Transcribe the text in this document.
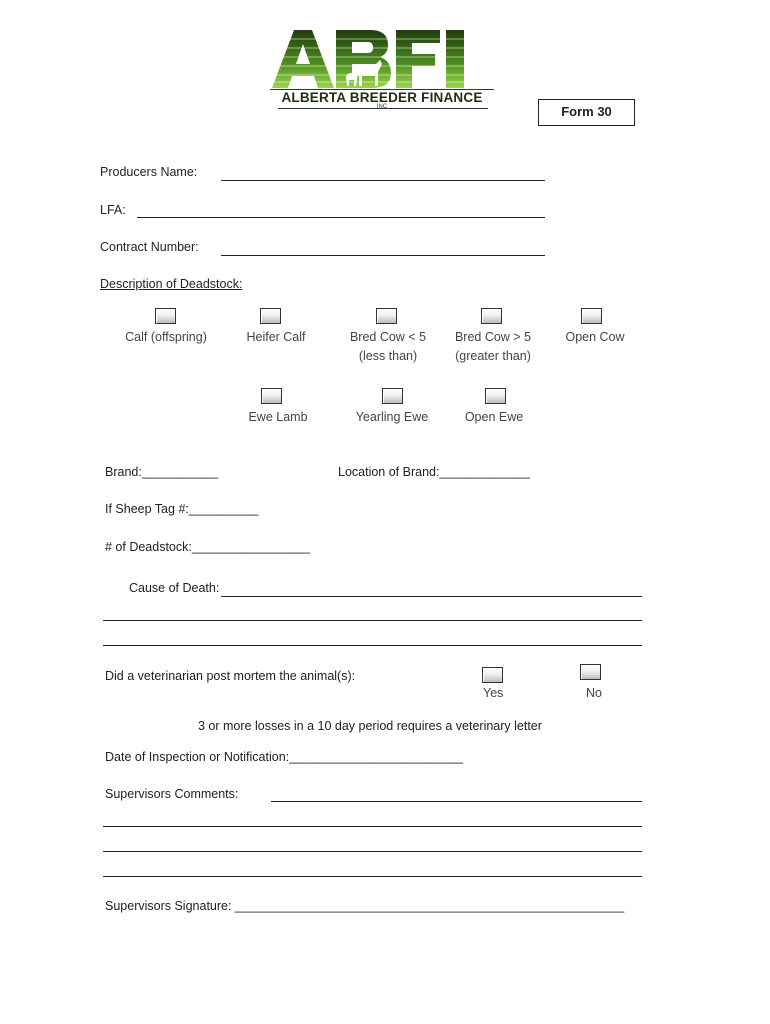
ALBERTA BREEDER FINANCE
INC	Form 30
Producers Name:
LFA:
Contract Number:
Description of Deadstock:
Calf (offspring)	Heifer Calf	Bred Cow < 5
(less than)
Bred Cow > 5
(greater than)
Open Cow
Ewe Lamb	Yearling Ewe	Open Ewe
Brand:___________	Location of Brand:_____________
If Sheep Tag #:__________
# of Deadstock:_________________
Cause of Death:
Did a veterinarian post mortem the animal(s):
Yes	No
3 or more losses in a 10 day period requires a veterinary letter
Date of Inspection or Notification:_________________________
Supervisors Comments:
Supervisors Signature: ________________________________________________________
